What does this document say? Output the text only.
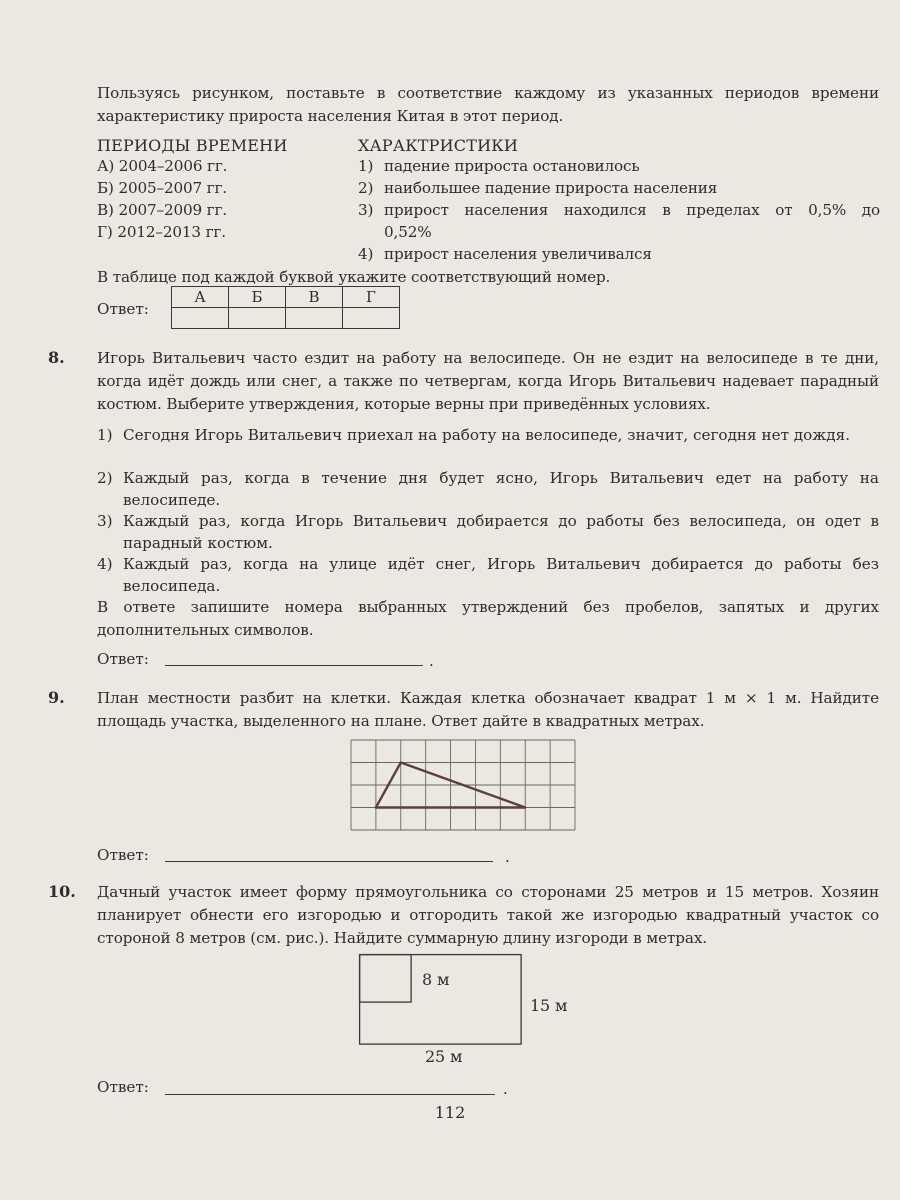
Пользуясь рисунком, поставьте в соответствие каждому из указанных периодов времени характеристику прироста населения Китая в этот период.
ПЕРИОДЫ ВРЕМЕНИ	ХАРАКТРИСТИКИ
А) 2004–2006 гг.
Б) 2005–2007 гг.
В) 2007–2009 гг.
Г) 2012–2013 гг.
1) падение прироста остановилось
2) наибольшее падение прироста населения
3) прирост населения находился в пределах от 0,5% до 0,52%
4) прирост населения увеличивался
В таблице под каждой буквой укажите соответствующий номер.
Ответ:
А	Б	В	Г

8. Игорь Витальевич часто ездит на работу на велосипеде. Он не ездит на велосипеде в те дни, когда идёт дождь или снег, а также по четвергам, когда Игорь Витальевич надевает парадный костюм. Выберите утверждения, которые верны при приведённых условиях.
1) Сегодня Игорь Витальевич приехал на работу на велосипеде, значит, сегодня нет дождя.
2) Каждый раз, когда в течение дня будет ясно, Игорь Витальевич едет на работу на велосипеде.
3) Каждый раз, когда Игорь Витальевич добирается до работы без велосипеда, он одет в парадный костюм.
4) Каждый раз, когда на улице идёт снег, Игорь Витальевич добирается до работы без велосипеда.
В ответе запишите номера выбранных утверждений без пробелов, запятых и других дополнительных символов.
Ответ:	.
9. План местности разбит на клетки. Каждая клетка обозначает квадрат 1 м × 1 м. Найдите площадь участка, выделенного на плане. Ответ дайте в квадратных метрах.
Ответ:	.
10. Дачный участок имеет форму прямоугольника со сторонами 25 метров и 15 метров. Хозяин планирует обнести его изгородью и отгородить такой же изгородью квадратный участок со стороной 8 метров (см. рис.). Найдите суммарную длину изгороди в метрах.
8 м
15 м
25 м
Ответ:	.
112
